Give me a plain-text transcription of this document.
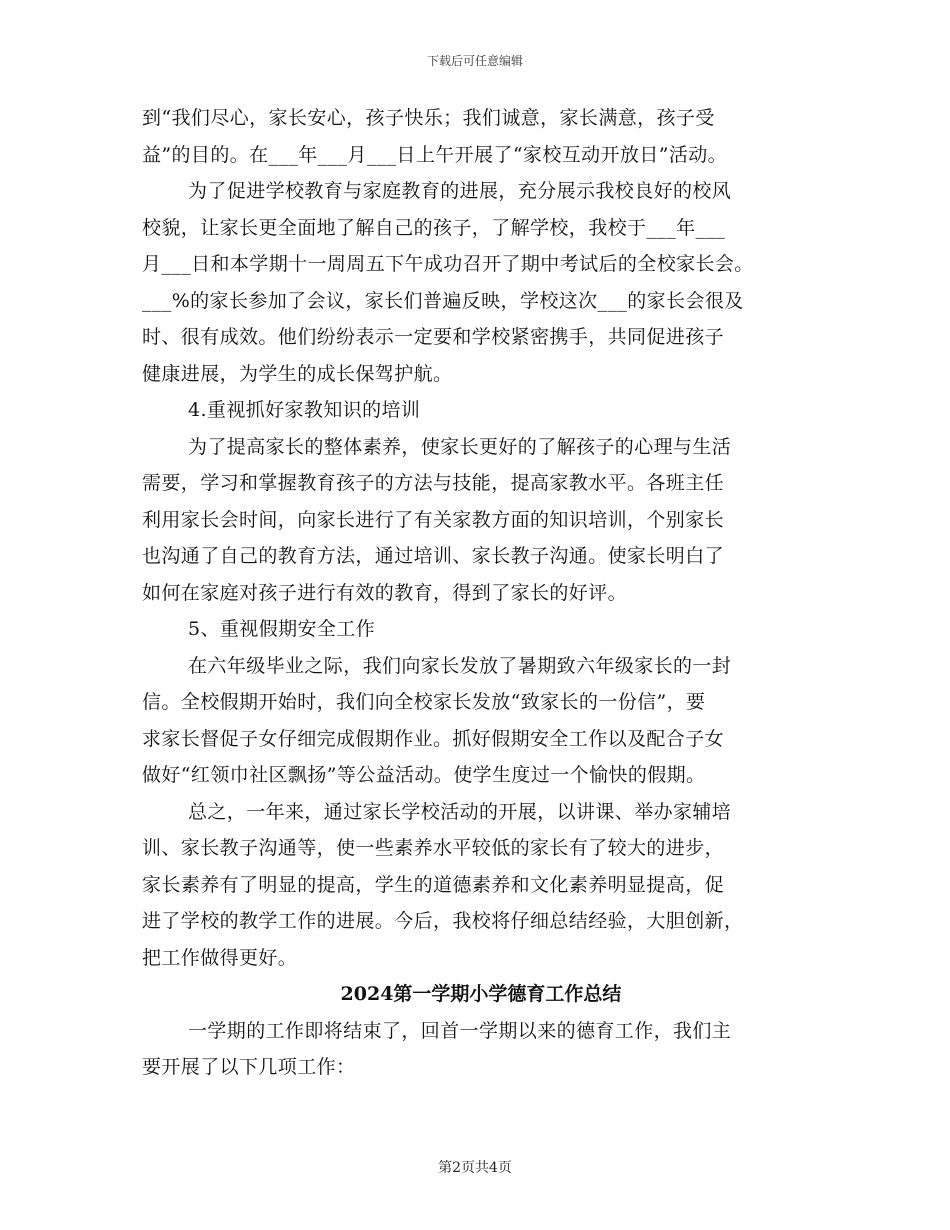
下载后可任意编辑
到“我们尽心，家长安心，孩子快乐；我们诚意，家长满意，孩子受
益”的目的。在___年___月___日上午开展了“家校互动开放日”活动。
为了促进学校教育与家庭教育的进展，充分展示我校良好的校风
校貌，让家长更全面地了解自己的孩子，了解学校，我校于___年___
月___日和本学期十一周周五下午成功召开了期中考试后的全校家长会。
___%的家长参加了会议，家长们普遍反映，学校这次___的家长会很及
时、很有成效。他们纷纷表示一定要和学校紧密携手，共同促进孩子
健康进展，为学生的成长保驾护航。
4.重视抓好家教知识的培训
为了提高家长的整体素养，使家长更好的了解孩子的心理与生活
需要，学习和掌握教育孩子的方法与技能，提高家教水平。各班主任
利用家长会时间，向家长进行了有关家教方面的知识培训，个别家长
也沟通了自己的教育方法，通过培训、家长教子沟通。使家长明白了
如何在家庭对孩子进行有效的教育，得到了家长的好评。
5、重视假期安全工作
在六年级毕业之际，我们向家长发放了暑期致六年级家长的一封
信。全校假期开始时，我们向全校家长发放“致家长的一份信”，要
求家长督促子女仔细完成假期作业。抓好假期安全工作以及配合子女
做好“红领巾社区飘扬”等公益活动。使学生度过一个愉快的假期。
总之，一年来，通过家长学校活动的开展，以讲课、举办家辅培
训、家长教子沟通等，使一些素养水平较低的家长有了较大的进步，
家长素养有了明显的提高，学生的道德素养和文化素养明显提高，促
进了学校的教学工作的进展。今后，我校将仔细总结经验，大胆创新，
把工作做得更好。
2024第一学期小学德育工作总结
一学期的工作即将结束了，回首一学期以来的德育工作，我们主
要开展了以下几项工作：
第2页共4页
